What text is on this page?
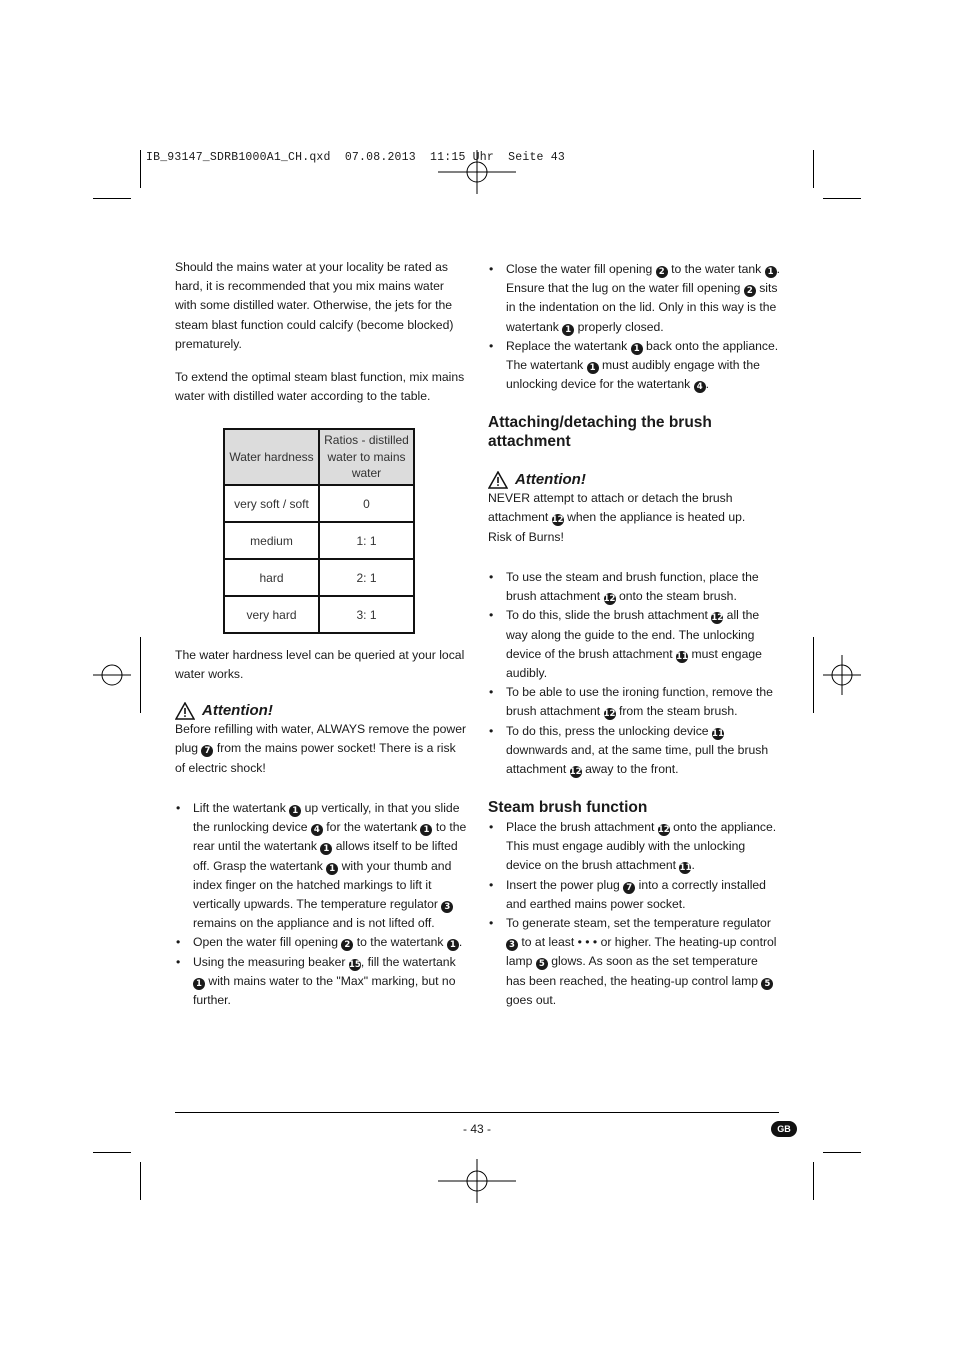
IB_93147_SDRB1000A1_CH.qxd  07.08.2013  11:15 Uhr  Seite 43

Should the mains water at your locality be rated as hard, it is recommended that you mix mains water with some distilled water. Otherwise, the jets for the steam blast function could calcify (become blocked) prematurely.

To extend the optimal steam blast function, mix mains water with distilled water according to the table.

Water hardness	Ratios - distilled water to mains water
very soft / soft	0
medium	1: 1
hard	2: 1
very hard	3: 1

The water hardness level can be queried at your local water works.

Attention!

Before refilling with water, ALWAYS remove the power plug 7 from the mains power socket! There is a risk of electric shock!

• Lift the watertank 1 up vertically, in that you slide the runlocking device 4 for the watertank 1 to the rear until the watertank 1 allows itself to be lifted off. Grasp the watertank 1 with your thumb and index finger on the hatched markings to lift it vertically upwards. The temperature regulator 3 remains on the appliance and is not lifted off.
• Open the water fill opening 2 to the watertank 1 .
• Using the measuring beaker 15, fill the watertank 1 with mains water to the "Max" marking, but no further.
• Close the water fill opening 2 to the water tank 1 . Ensure that the lug on the water fill opening 2 sits in the indentation on the lid. Only in this way is the watertank 1 properly closed.
• Replace the watertank 1 back onto the appliance. The watertank 1 must audibly engage with the unlocking device for the watertank 4 .
Attaching/detaching the brush attachment
Attention!

NEVER attempt to attach or detach the brush attachment 12 when the appliance is heated up.

Risk of Burns!

• To use the steam and brush function, place the brush attachment 12 onto the steam brush.
• To do this, slide the brush attachment 12 all the way along the guide to the end. The unlocking device of the brush attachment 11 must engage audibly.
• To be able to use the ironing function, remove the brush attachment 12 from the steam brush.
• To do this, press the unlocking device 11 downwards and, at the same time, pull the brush attachment 12 away to the front.
Steam brush function
• Place the brush attachment 12 onto the appliance. This must engage audibly with the unlocking device on the brush attachment 11.
• Insert the power plug 7 into a correctly installed and earthed mains power socket.
• To generate steam, set the temperature regulator 3 to at least • • • or higher. The heating-up control lamp 5 glows. As soon as the set temperature has been reached, the heating-up control lamp 5 goes out.
- 43 -	GB
